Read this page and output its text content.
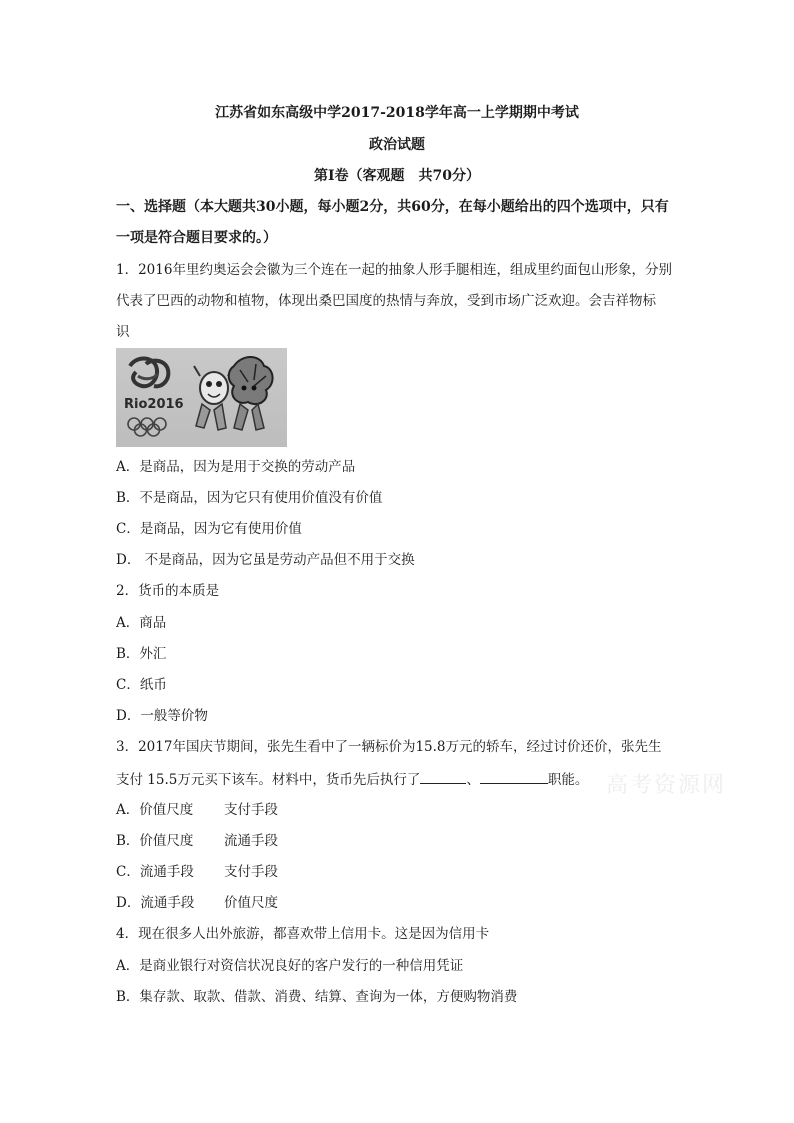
江苏省如东高级中学2017-2018学年高一上学期期中考试
政治试题
第Ⅰ卷（客观题　共70分）
一、选择题（本大题共30小题，每小题2分，共60分，在每小题给出的四个选项中，只有
一项是符合题目要求的。）
1．2016年里约奥运会会徽为三个连在一起的抽象人形手腿相连，组成里约面包山形象，分别
代表了巴西的动物和植物，体现出桑巴国度的热情与奔放，受到市场广泛欢迎。会吉祥物标
识
Rio2016
A．是商品，因为是用于交换的劳动产品
B．不是商品，因为它只有使用价值没有价值
C．是商品，因为它有使用价值
D． 不是商品，因为它虽是劳动产品但不用于交换
2．货币的本质是
A．商品
B．外汇
C．纸币
D．一般等价物
3．2017年国庆节期间，张先生看中了一辆标价为15.8万元的轿车，经过讨价还价，张先生
支付 15.5万元买下该车。材料中，货币先后执行了	、	职能。
A．价值尺度 支付手段
B．价值尺度 流通手段
C．流通手段 支付手段
D．流通手段 价值尺度
4．现在很多人出外旅游，都喜欢带上信用卡。这是因为信用卡
A．是商业银行对资信状况良好的客户发行的一种信用凭证
B．集存款、取款、借款、消费、结算、查询为一体，方便购物消费
高考资源网
